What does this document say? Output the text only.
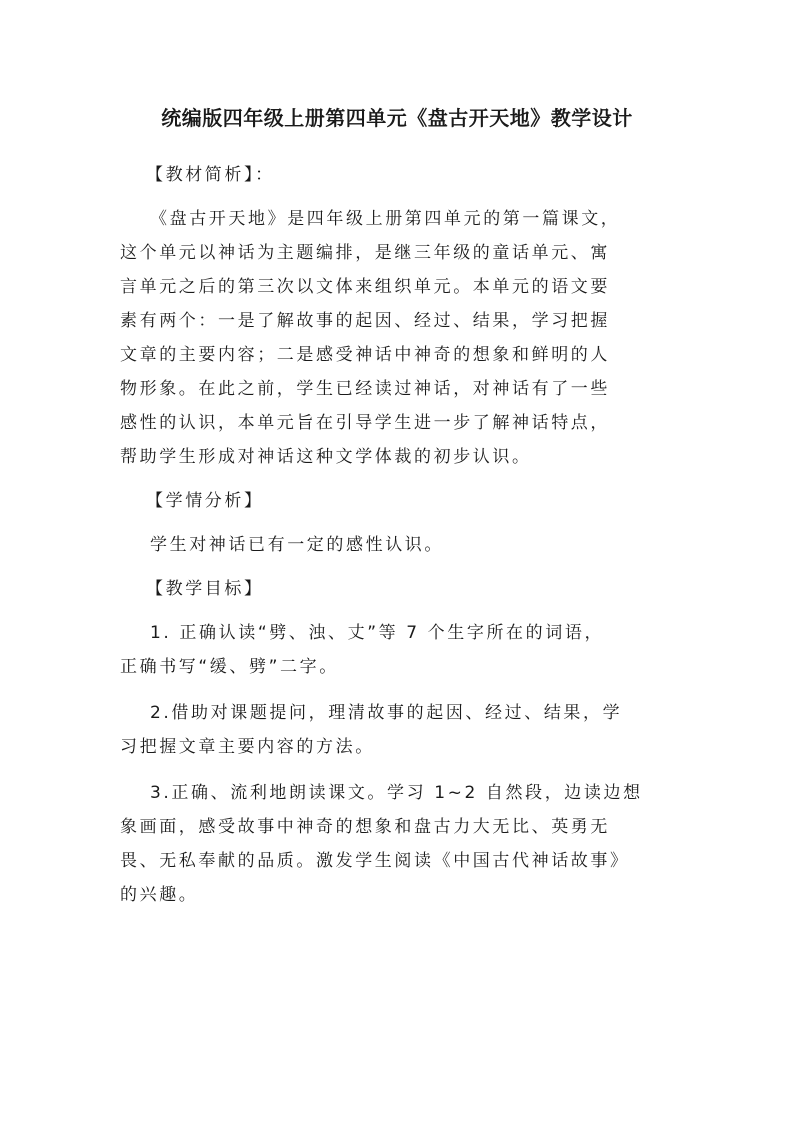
统编版四年级上册第四单元《盘古开天地》教学设计

【教材简析】：

《盘古开天地》是四年级上册第四单元的第一篇课文，

这个单元以神话为主题编排，是继三年级的童话单元、寓

言单元之后的第三次以文体来组织单元。本单元的语文要

素有两个：一是了解故事的起因、经过、结果，学习把握

文章的主要内容；二是感受神话中神奇的想象和鲜明的人

物形象。在此之前，学生已经读过神话，对神话有了一些

感性的认识，本单元旨在引导学生进一步了解神话特点，

帮助学生形成对神话这种文学体裁的初步认识。

【学情分析】

学生对神话已有一定的感性认识。

【教学目标】

1. 正确认读“劈、浊、丈”等 7 个生字所在的词语，

正确书写“缓、劈”二字。

2.借助对课题提问，理清故事的起因、经过、结果，学

习把握文章主要内容的方法。

3.正确、流利地朗读课文。学习 1~2 自然段，边读边想

象画面，感受故事中神奇的想象和盘古力大无比、英勇无

畏、无私奉献的品质。激发学生阅读《中国古代神话故事》

的兴趣。
